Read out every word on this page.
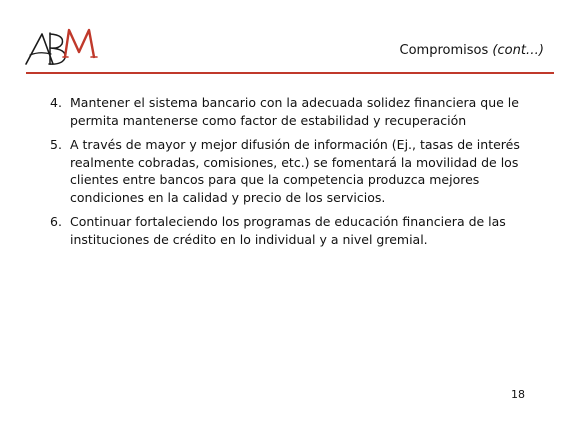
Compromisos (cont…)
4. Mantener el sistema bancario con la adecuada solidez financiera que le permita mantenerse como factor de estabilidad y recuperación
5. A través de mayor y mejor difusión de información (Ej., tasas de interés realmente cobradas, comisiones, etc.) se fomentará la movilidad de los clientes entre bancos para que la competencia produzca mejores condiciones en la calidad y precio de los servicios.
6. Continuar fortaleciendo los programas de educación financiera de las instituciones de crédito en lo individual y a nivel gremial.
18
